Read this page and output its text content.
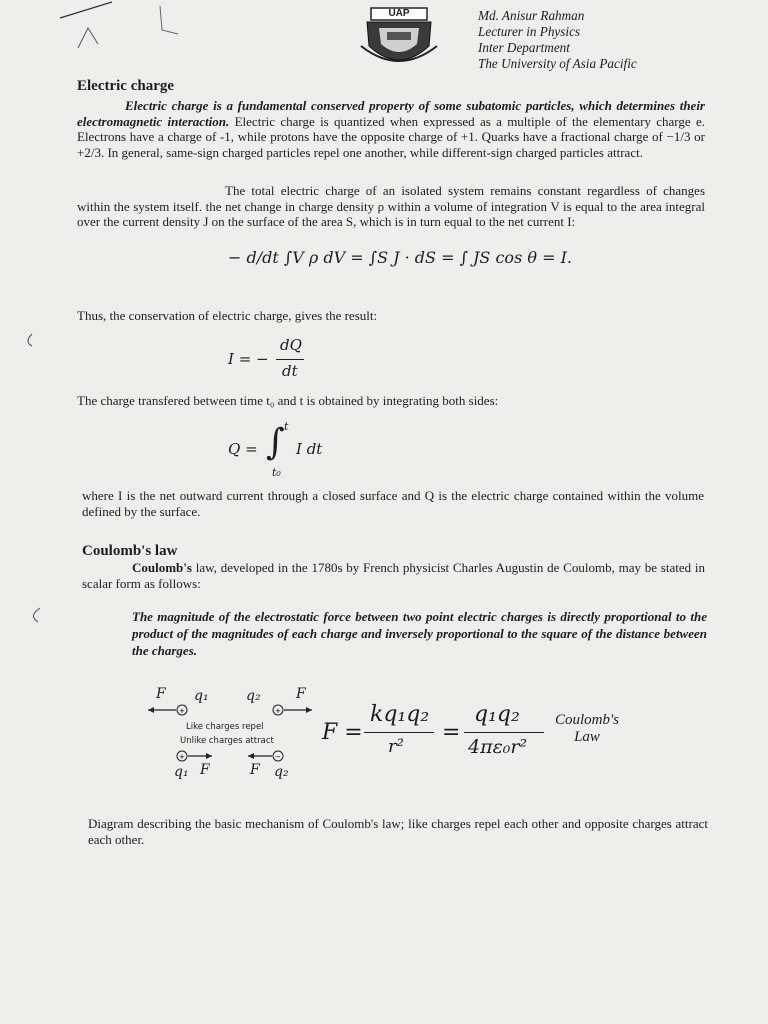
UAP	Md. Anisur Rahman
Lecturer in Physics
Inter Department
The University of Asia Pacific
Electric charge
Electric charge is a fundamental conserved property of some subatomic particles, which determines their electromagnetic interaction. Electric charge is quantized when expressed as a multiple of the elementary charge e. Electrons have a charge of -1, while protons have the opposite charge of +1. Quarks have a fractional charge of −1/3 or +2/3. In general, same-sign charged particles repel one another, while different-sign charged particles attract.
The total electric charge of an isolated system remains constant regardless of changes within the system itself. the net change in charge density ρ within a volume of integration V is equal to the area integral over the current density J on the surface of the area S, which is in turn equal to the net current I:
− d/dt ∫V ρ dV = ∫S J · dS = ∫ JS cos θ = I.
Thus, the conservation of electric charge, gives the result:
I = −
dQ
dt
The charge transfered between time t₀ and t is obtained by integrating both sides:
Q = ∫ t
t₀
I dt
where I is the net outward current through a closed surface and Q is the electric charge contained within the volume defined by the surface.
Coulomb's law
Coulomb's law, developed in the 1780s by French physicist Charles Augustin de Coulomb, may be stated in scalar form as follows:
The magnitude of the electrostatic force between two point electric charges is directly proportional to the product of the magnitudes of each charge and inversely proportional to the square of the distance between the charges.
+	+
+	−
F q₁	q₂	F
Like charges repel
Unlike charges attract
q₁ F	F q₂
F =
kq₁q₂
r²
=
q₁q₂
4πε₀r²
Coulomb's
Law
Diagram describing the basic mechanism of Coulomb's law; like charges repel each other and opposite charges attract each other.
